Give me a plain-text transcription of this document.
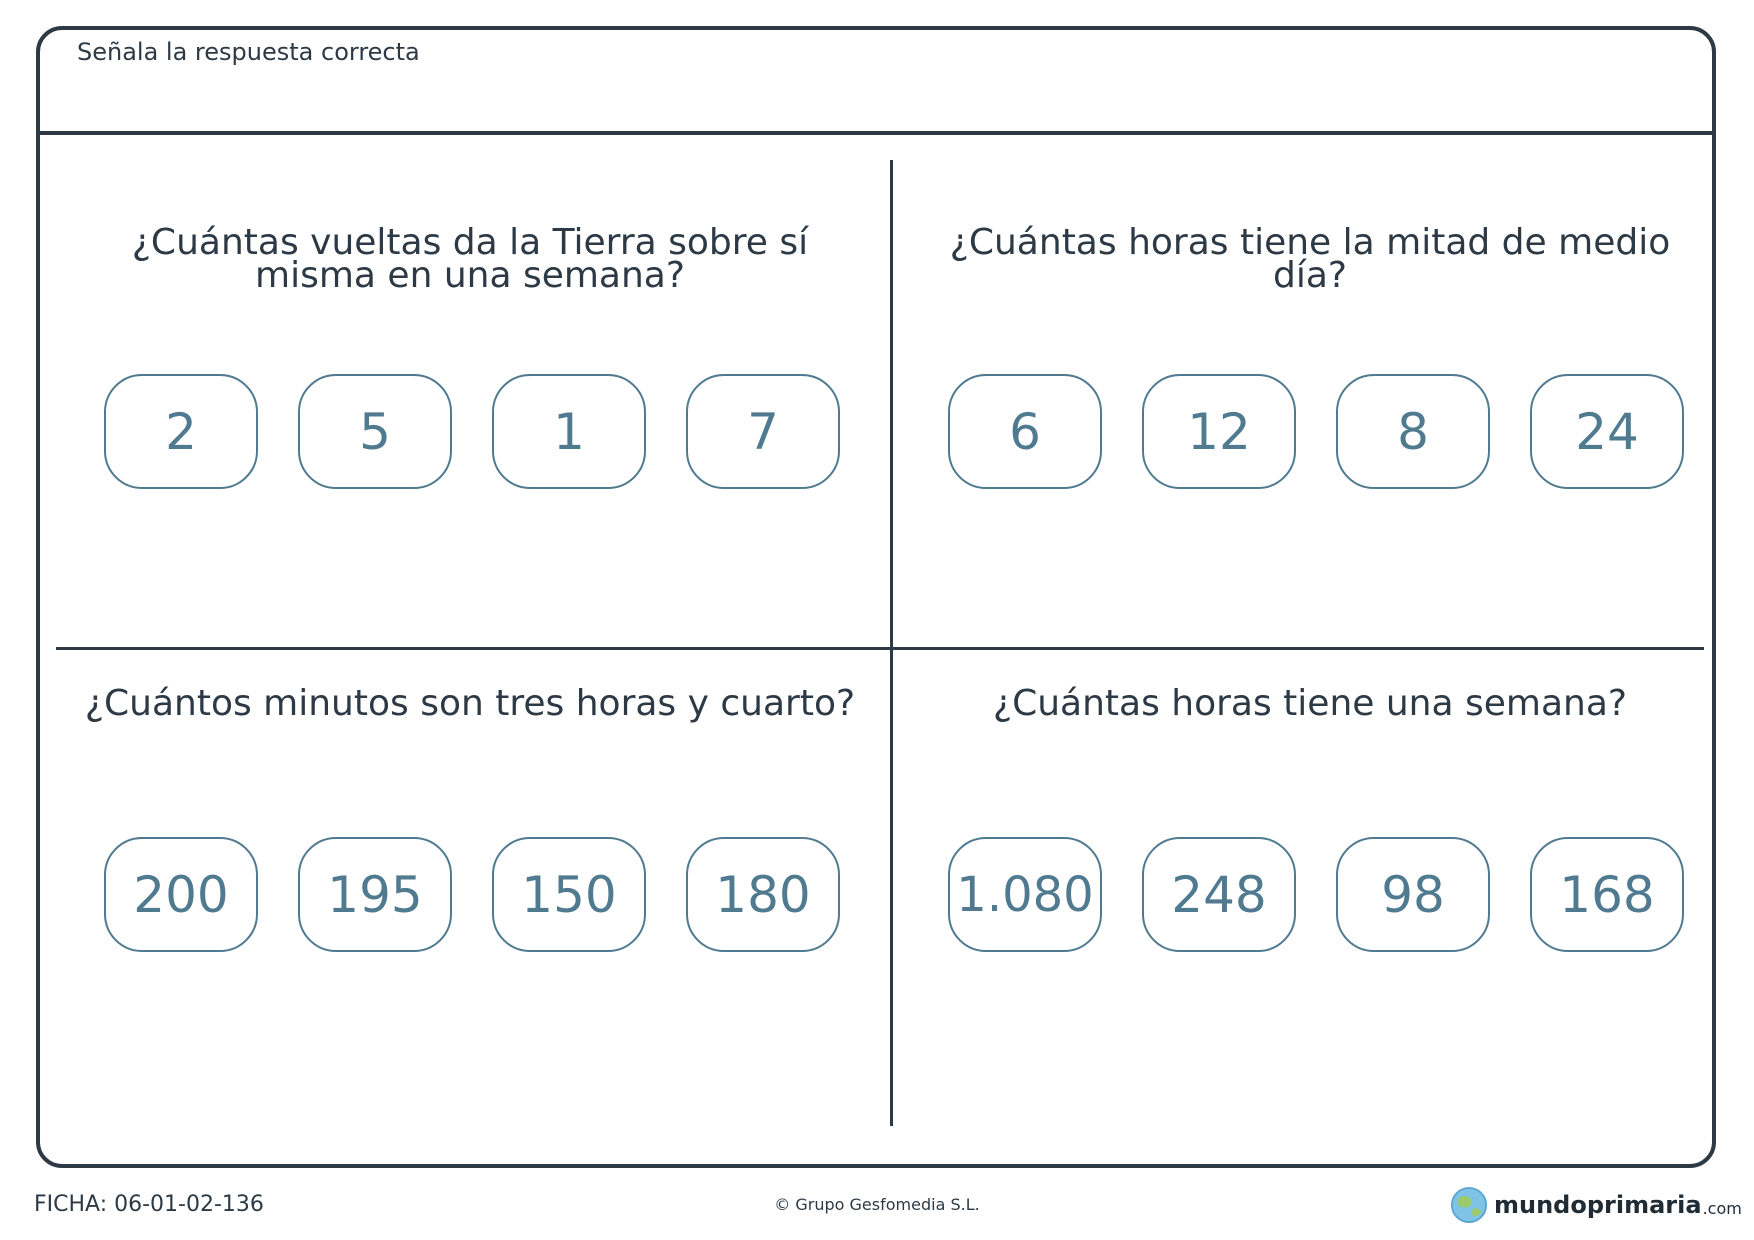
Señala la respuesta correcta
¿Cuántas vueltas da la Tierra sobre sí misma en una semana?
2	5	1	7
¿Cuántas horas tiene la mitad de medio día?
6	12	8	24
¿Cuántos minutos son tres horas y cuarto?
200	195	150	180
¿Cuántas horas tiene una semana?
1.080	248	98	168
FICHA: 06-01-02-136	© Grupo Gesfomedia S.L.	mundoprimaria .com
